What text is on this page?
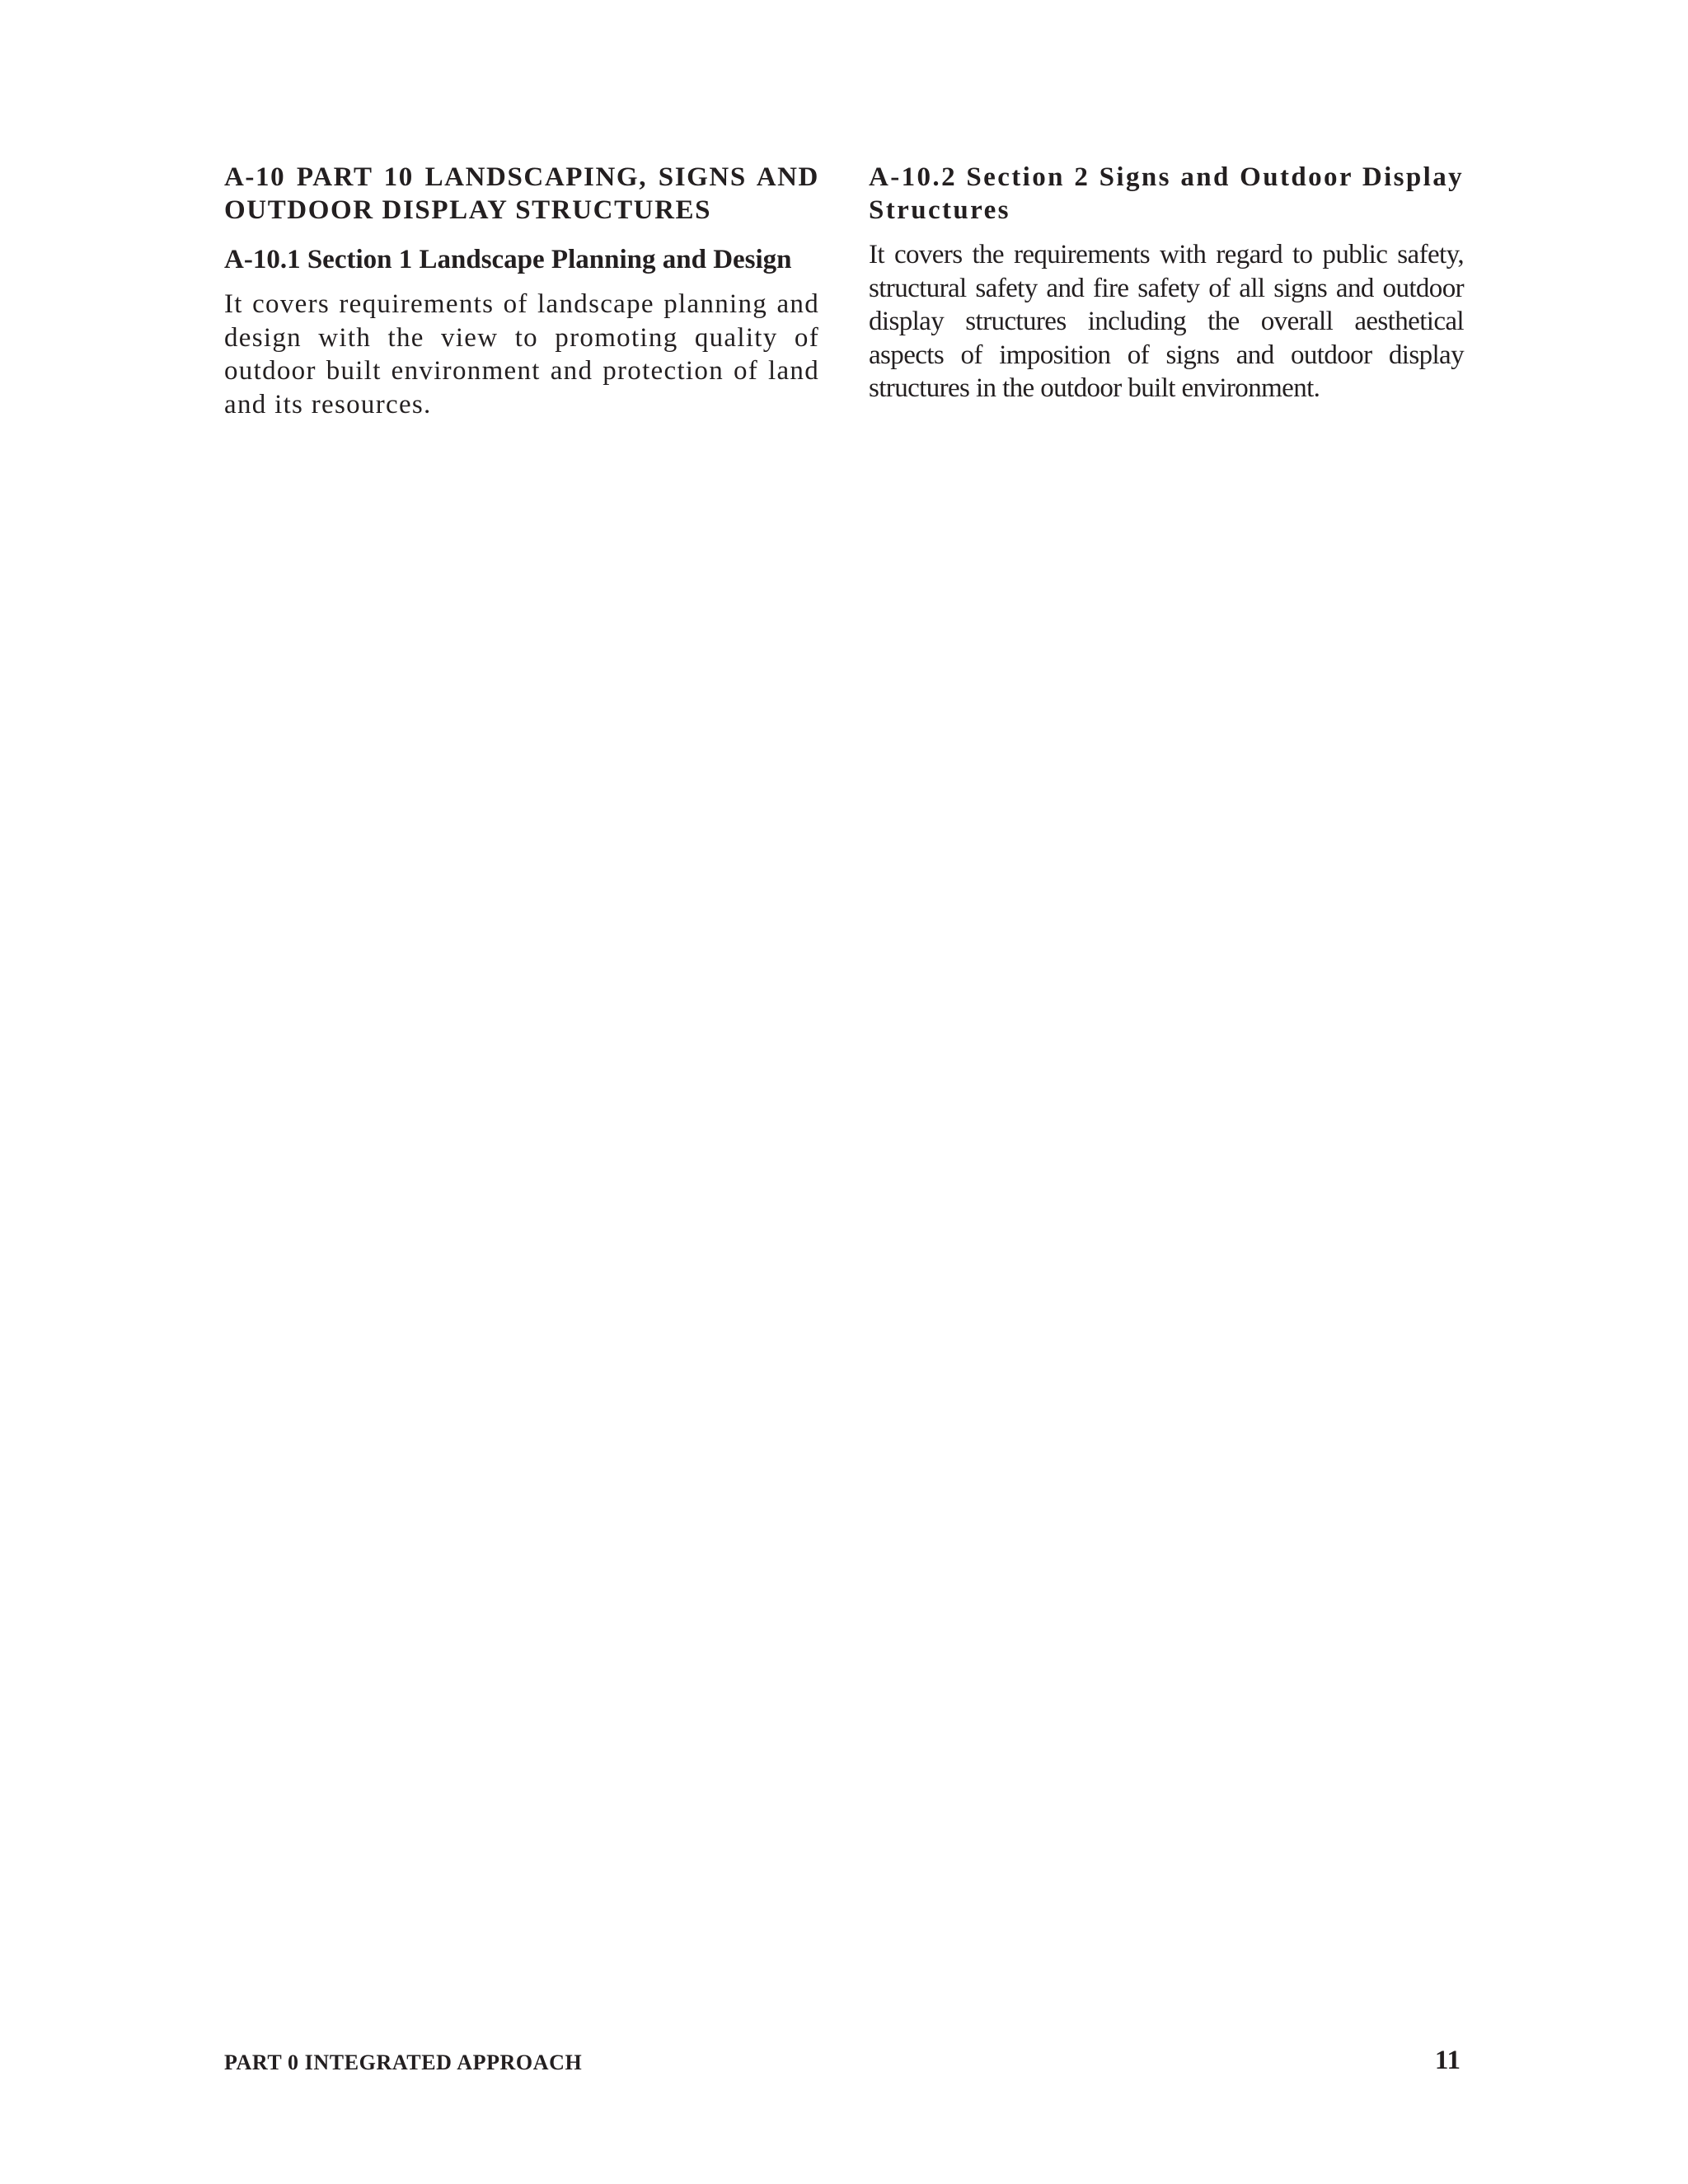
A-10 PART 10 LANDSCAPING, SIGNS AND OUTDOOR DISPLAY STRUCTURES
A-10.1 Section 1 Landscape Planning and Design

It covers requirements of landscape planning and design with the view to promoting quality of outdoor built environment and protection of land and its resources.

A-10.2 Section 2 Signs and Outdoor Display Structures

It covers the requirements with regard to public safety, structural safety and fire safety of all signs and outdoor display structures including the overall aesthetical aspects of imposition of signs and outdoor display structures in the outdoor built environment.

PART 0 INTEGRATED APPROACH	11
